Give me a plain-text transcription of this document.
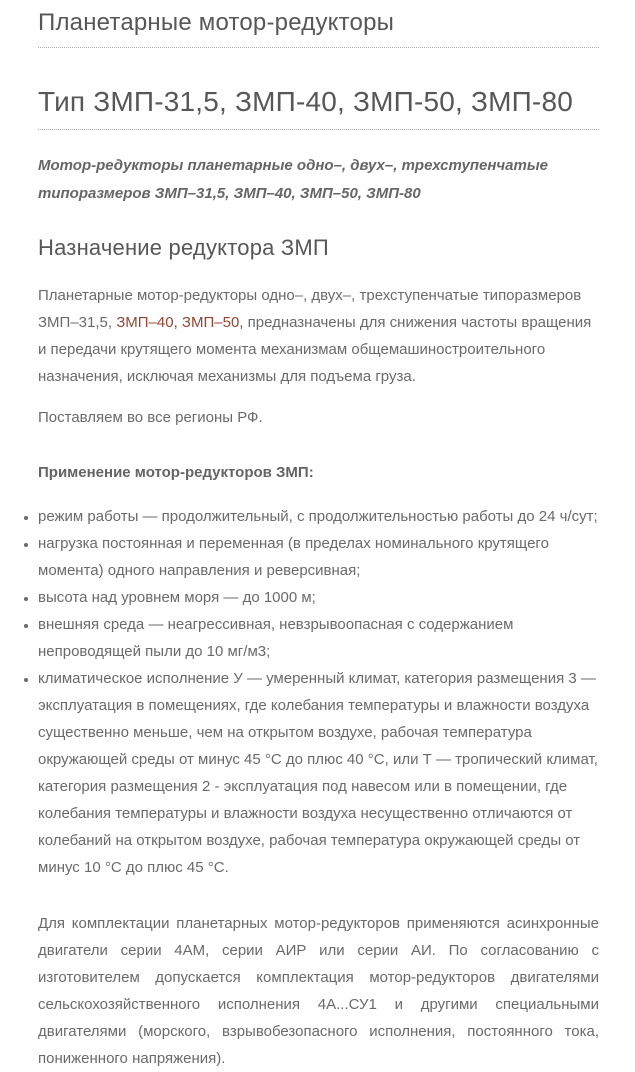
Планетарные мотор-редукторы
Тип ЗМП-31,5, ЗМП-40, ЗМП-50, ЗМП-80

Мотор-редукторы планетарные одно–, двух–, трехступенчатые типоразмеров ЗМП–31,5, ЗМП–40, ЗМП–50, ЗМП-80

Назначение редуктора ЗМП

Планетарные мотор-редукторы одно–, двух–, трехступенчатые типоразмеров ЗМП–31,5, ЗМП–40, ЗМП–50, предназначены для снижения частоты вращения и передачи крутящего момента механизмам общемашиностроительного назначения, исключая механизмы для подъема груза.

Поставляем во все регионы РФ.

Применение мотор-редукторов ЗМП:

• режим работы — продолжительный, с продолжительностью работы до 24 ч/сут;
• нагрузка постоянная и переменная (в пределах номинального крутящего момента) одного направления и реверсивная;
• высота над уровнем моря — до 1000 м;
• внешняя среда — неагрессивная, невзрывоопасная с содержанием непроводящей пыли до 10 мг/м3;
• климатическое исполнение У — умеренный климат, категория размещения 3 — эксплуатация в помещениях, где колебания температуры и влажности воздуха существенно меньше, чем на открытом воздухе, рабочая температура окружающей среды от минус 45 °С до плюс 40 °С, или Т — тропический климат, категория размещения 2 - эксплуатация под навесом или в помещении, где колебания температуры и влажности воздуха несущественно отличаются от колебаний на открытом воздухе, рабочая температура окружающей среды от минус 10 °С до плюс 45 °С.

Для комплектации планетарных мотор-редукторов применяются асинхронные двигатели серии 4АМ, серии АИР или серии АИ. По согласованию с изготовителем допускается комплектация мотор-редукторов двигателями сельскохозяйственного исполнения 4А...СУ1 и другими специальными двигателями (морского, взрывобезопасного исполнения, постоянного тока, пониженного напряжения).
